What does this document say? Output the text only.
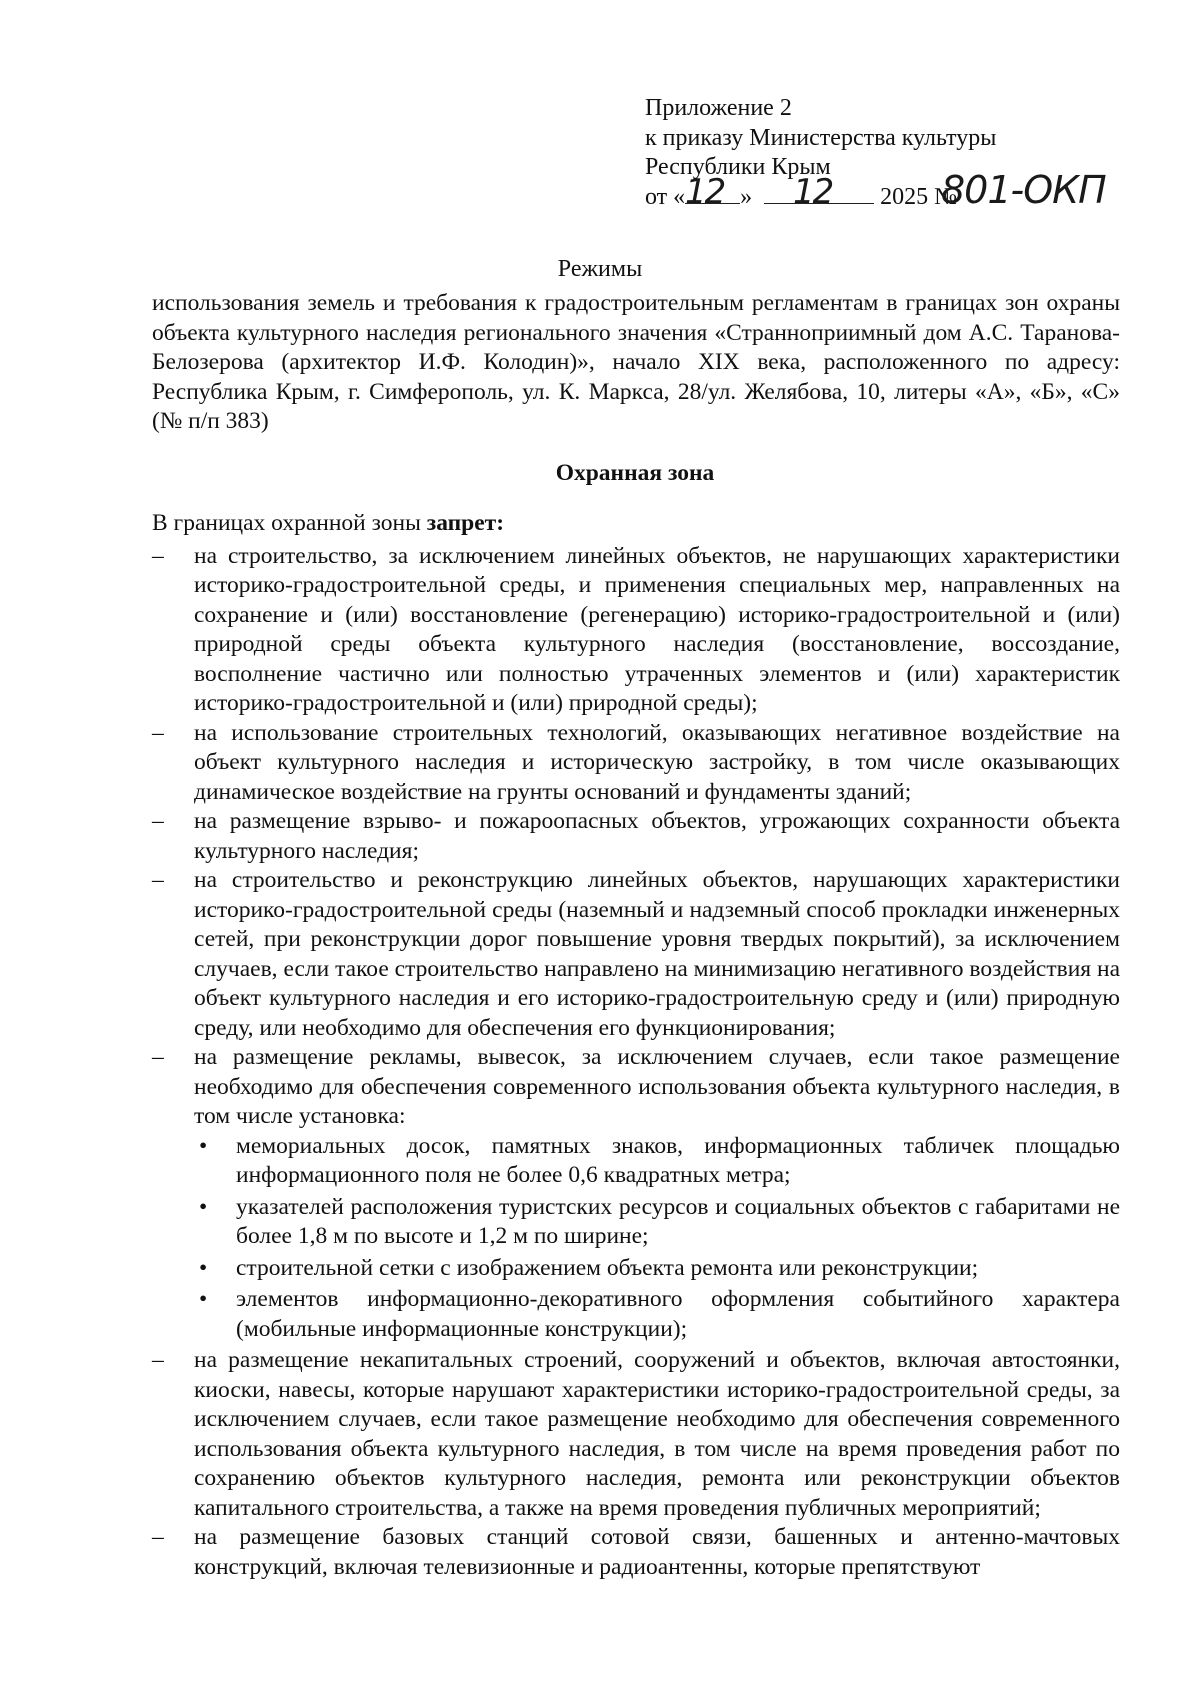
Приложение 2
к приказу Министерства культуры
Республики Крым
от « »	2025 №
12 12	801-ОКП
Режимы
использования земель и требования к градостроительным регламентам в границах зон охраны объекта культурного наследия регионального значения «Странноприимный дом А.С. Таранова-Белозерова (архитектор И.Ф. Колодин)», начало XIX века, расположенного по адресу: Республика Крым, г. Симферополь, ул. К. Маркса, 28/ул. Желябова, 10, литеры «А», «Б», «С» (№ п/п 383)
Охранная зона

В границах охранной зоны запрет:

– на строительство, за исключением линейных объектов, не нарушающих характеристики историко-градостроительной среды, и применения специальных мер, направленных на сохранение и (или) восстановление (регенерацию) историко-градостроительной и (или) природной среды объекта культурного наследия (восстановление, воссоздание, восполнение частично или полностью утраченных элементов и (или) характеристик историко-градостроительной и (или) природной среды);
– на использование строительных технологий, оказывающих негативное воздействие на объект культурного наследия и историческую застройку, в том числе оказывающих динамическое воздействие на грунты оснований и фундаменты зданий;
– на размещение взрыво- и пожароопасных объектов, угрожающих сохранности объекта культурного наследия;
– на строительство и реконструкцию линейных объектов, нарушающих характеристики историко-градостроительной среды (наземный и надземный способ прокладки инженерных сетей, при реконструкции дорог повышение уровня твердых покрытий), за исключением случаев, если такое строительство направлено на минимизацию негативного воздействия на объект культурного наследия и его историко-градостроительную среду и (или) природную среду, или необходимо для обеспечения его функционирования;
– на размещение рекламы, вывесок, за исключением случаев, если такое размещение необходимо для обеспечения современного использования объекта культурного наследия, в том числе установка:
• мемориальных досок, памятных знаков, информационных табличек площадью информационного поля не более 0,6 квадратных метра;
• указателей расположения туристских ресурсов и социальных объектов с габаритами не более 1,8 м по высоте и 1,2 м по ширине;
• строительной сетки с изображением объекта ремонта или реконструкции;
• элементов информационно-декоративного оформления событийного характера (мобильные информационные конструкции);
– на размещение некапитальных строений, сооружений и объектов, включая автостоянки, киоски, навесы, которые нарушают характеристики историко-градостроительной среды, за исключением случаев, если такое размещение необходимо для обеспечения современного использования объекта культурного наследия, в том числе на время проведения работ по сохранению объектов культурного наследия, ремонта или реконструкции объектов капитального строительства, а также на время проведения публичных мероприятий;
– на размещение базовых станций сотовой связи, башенных и антенно-мачтовых конструкций, включая телевизионные и радиоантенны, которые препятствуют
